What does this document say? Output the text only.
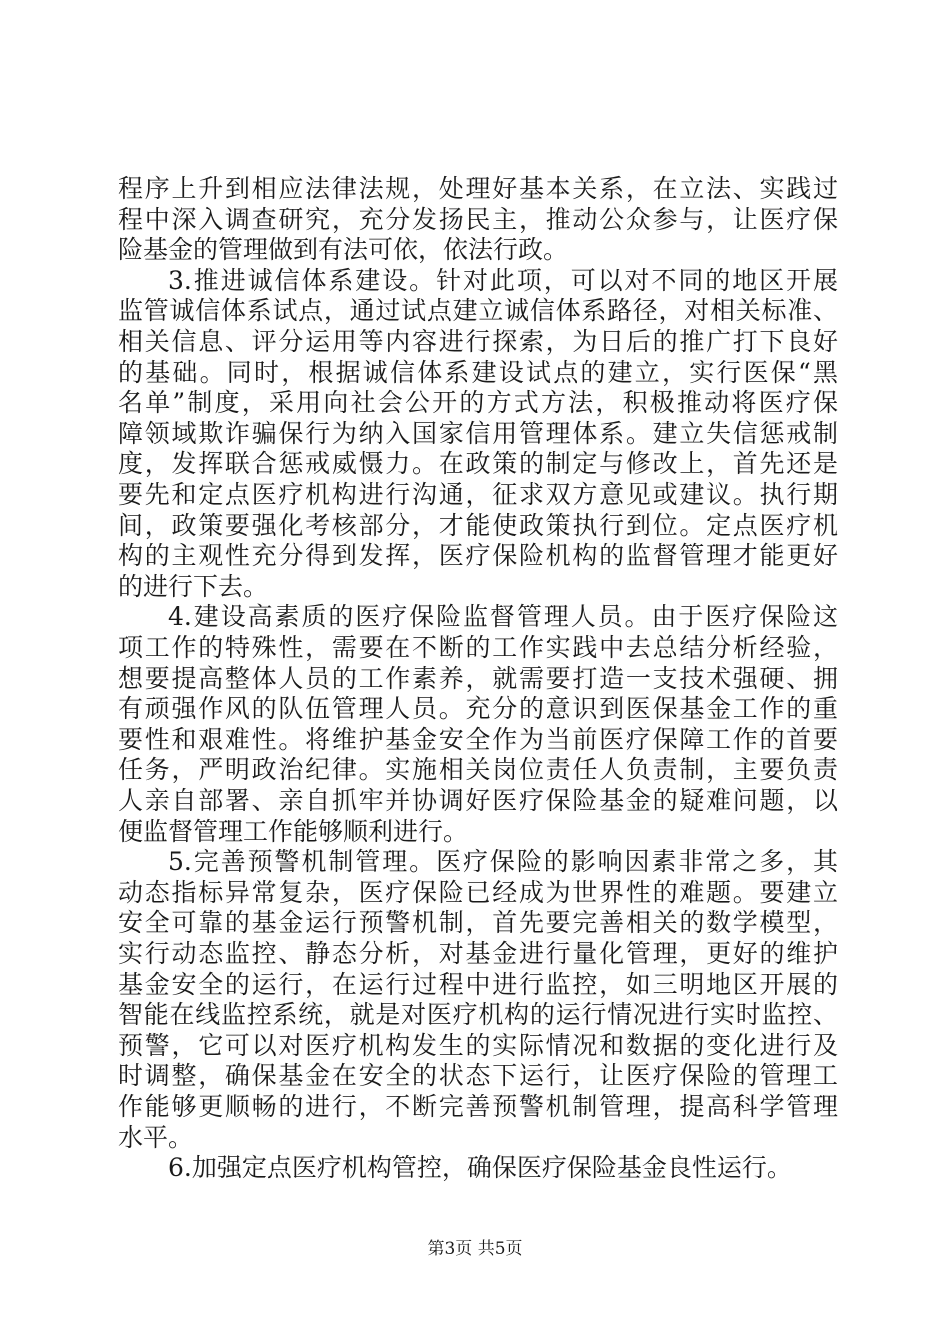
程序上升到相应法律法规，处理好基本关系，在立法、实践过
程中深入调查研究，充分发扬民主，推动公众参与，让医疗保
险基金的管理做到有法可依，依法行政。
3.推进诚信体系建设。针对此项，可以对不同的地区开展
监管诚信体系试点，通过试点建立诚信体系路径，对相关标准、
相关信息、评分运用等内容进行探索，为日后的推广打下良好
的基础。同时，根据诚信体系建设试点的建立，实行医保“黑
名单”制度，采用向社会公开的方式方法，积极推动将医疗保
障领域欺诈骗保行为纳入国家信用管理体系。建立失信惩戒制
度，发挥联合惩戒威慑力。在政策的制定与修改上，首先还是
要先和定点医疗机构进行沟通，征求双方意见或建议。执行期
间，政策要强化考核部分，才能使政策执行到位。定点医疗机
构的主观性充分得到发挥，医疗保险机构的监督管理才能更好
的进行下去。
4.建设高素质的医疗保险监督管理人员。由于医疗保险这
项工作的特殊性，需要在不断的工作实践中去总结分析经验，
想要提高整体人员的工作素养，就需要打造一支技术强硬、拥
有顽强作风的队伍管理人员。充分的意识到医保基金工作的重
要性和艰难性。将维护基金安全作为当前医疗保障工作的首要
任务，严明政治纪律。实施相关岗位责任人负责制，主要负责
人亲自部署、亲自抓牢并协调好医疗保险基金的疑难问题，以
便监督管理工作能够顺利进行。
5.完善预警机制管理。医疗保险的影响因素非常之多，其
动态指标异常复杂，医疗保险已经成为世界性的难题。要建立
安全可靠的基金运行预警机制，首先要完善相关的数学模型，
实行动态监控、静态分析，对基金进行量化管理，更好的维护
基金安全的运行，在运行过程中进行监控，如三明地区开展的
智能在线监控系统，就是对医疗机构的运行情况进行实时监控、
预警，它可以对医疗机构发生的实际情况和数据的变化进行及
时调整，确保基金在安全的状态下运行，让医疗保险的管理工
作能够更顺畅的进行，不断完善预警机制管理，提高科学管理
水平。
6.加强定点医疗机构管控，确保医疗保险基金良性运行。
第3页 共5页
